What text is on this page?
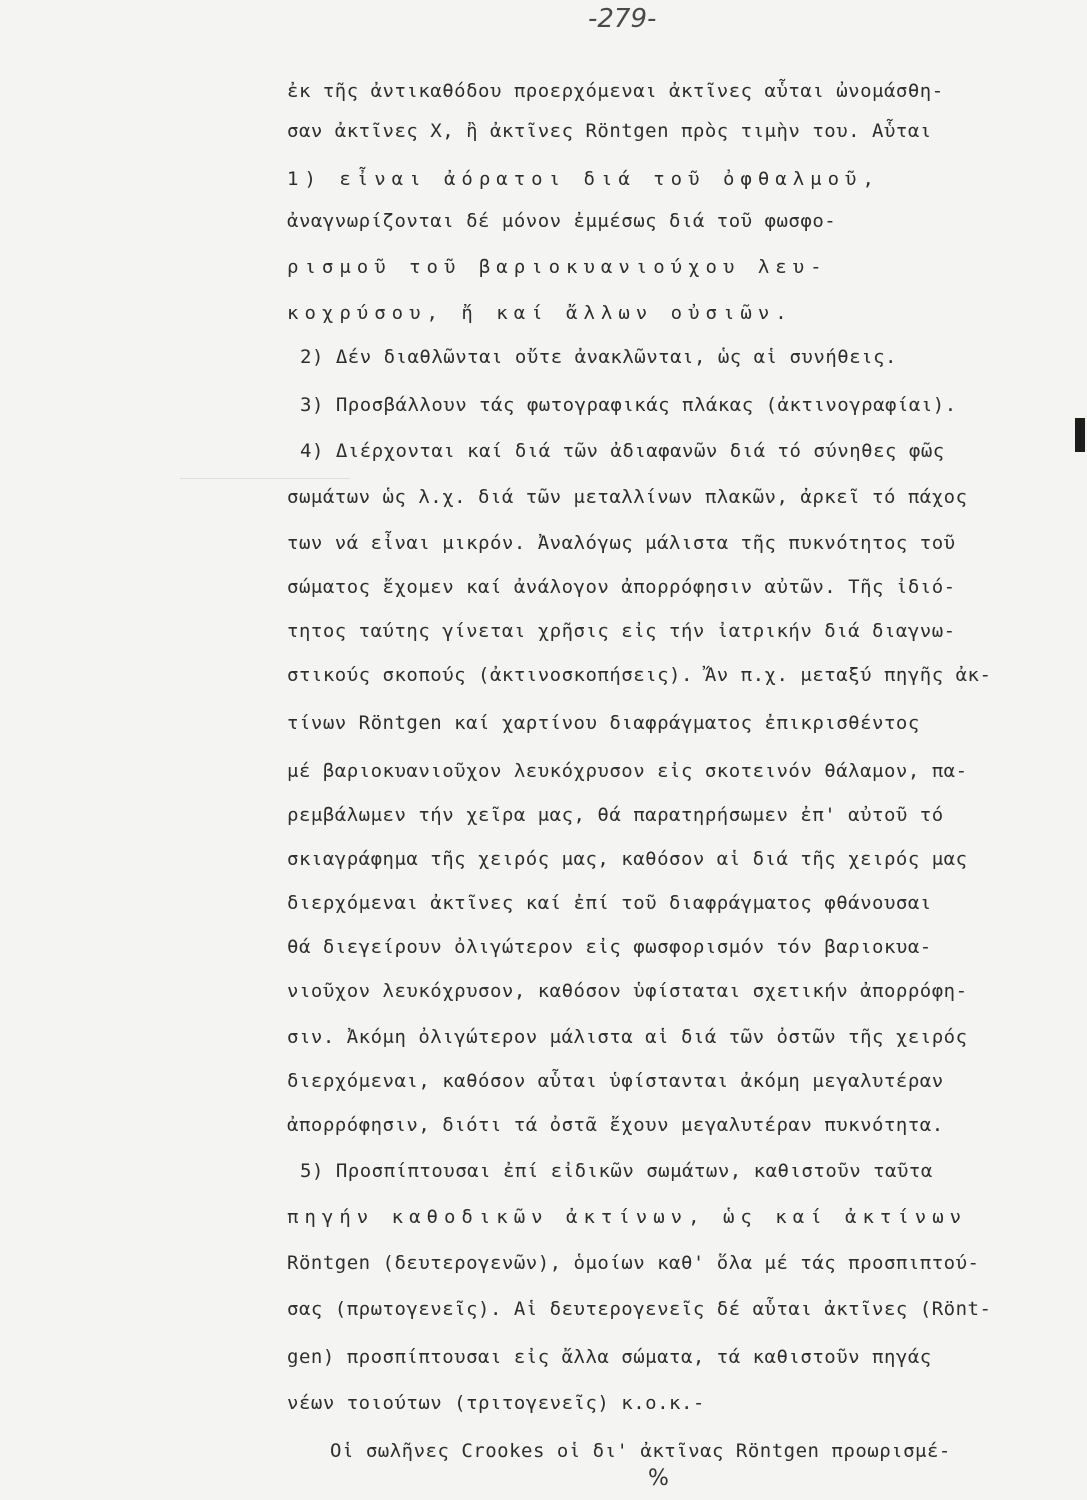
-279-
ἐκ τῆς ἀντικαθόδου προερχόμεναι ἀκτῖνες αὗται ὠνομάσθη-
σαν ἀκτῖνες Χ, ἢ ἀκτῖνες Röntgen πρὸς τιμὴν του. Αὗται
1) εἶναι ἀόρατοι διά τοῦ ὀφθαλμοῦ,
ἀναγνωρίζονται δέ μόνον ἐμμέσως διά τοῦ φωσφο-
ρισμοῦ τοῦ βαριοκυανιούχου λευ-
κοχρύσου, ἤ καί ἄλλων οὐσιῶν.
2) Δέν διαθλῶνται οὔτε ἀνακλῶνται, ὡς αἱ συνήθεις.
3) Προσβάλλουν τάς φωτογραφικάς πλάκας (ἀκτινογραφίαι).
4) Διέρχονται καί διά τῶν ἀδιαφανῶν διά τό σύνηθες φῶς
σωμάτων ὡς λ.χ. διά τῶν μεταλλίνων πλακῶν, ἀρκεῖ τό πάχος
των νά εἶναι μικρόν. Ἀναλόγως μάλιστα τῆς πυκνότητος τοῦ
σώματος ἔχομεν καί ἀνάλογον ἀπορρόφησιν αὐτῶν. Τῆς ἰδιό-
τητος ταύτης γίνεται χρῆσις εἰς τήν ἰατρικήν διά διαγνω-
στικούς σκοπούς (ἀκτινοσκοπήσεις). Ἄν π.χ. μεταξύ πηγῆς ἀκ-
τίνων Röntgen καί χαρτίνου διαφράγματος ἐπικρισθέντος
μέ βαριοκυανιοῦχον λευκόχρυσον εἰς σκοτεινόν θάλαμον, πα-
ρεμβάλωμεν τήν χεῖρα μας, θά παρατηρήσωμεν ἐπ' αὐτοῦ τό
σκιαγράφημα τῆς χειρός μας, καθόσον αἱ διά τῆς χειρός μας
διερχόμεναι ἀκτῖνες καί ἐπί τοῦ διαφράγματος φθάνουσαι
θά διεγείρουν ὀλιγώτερον εἰς φωσφορισμόν τόν βαριοκυα-
νιοῦχον λευκόχρυσον, καθόσον ὑφίσταται σχετικήν ἀπορρόφη-
σιν. Ἀκόμη ὀλιγώτερον μάλιστα αἱ διά τῶν ὀστῶν τῆς χειρός
διερχόμεναι, καθόσον αὗται ὑφίστανται ἀκόμη μεγαλυτέραν
ἀπορρόφησιν, διότι τά ὀστᾶ ἔχουν μεγαλυτέραν πυκνότητα.
5) Προσπίπτουσαι ἐπί εἰδικῶν σωμάτων, καθιστοῦν ταῦτα
πηγήν καθοδικῶν ἀκτίνων, ὡς καί ἀκτίνων
Röntgen (δευτερογενῶν), ὁμοίων καθ' ὅλα μέ τάς προσπιπτού-
σας (πρωτογενεῖς). Αἱ δευτερογενεῖς δέ αὗται ἀκτῖνες (Rönt-
gen) προσπίπτουσαι εἰς ἄλλα σώματα, τά καθιστοῦν πηγάς
νέων τοιούτων (τριτογενεῖς) κ.ο.κ.-
Οἱ σωλῆνες Crookes οἱ δι' ἀκτῖνας Röntgen προωρισμέ-
%
